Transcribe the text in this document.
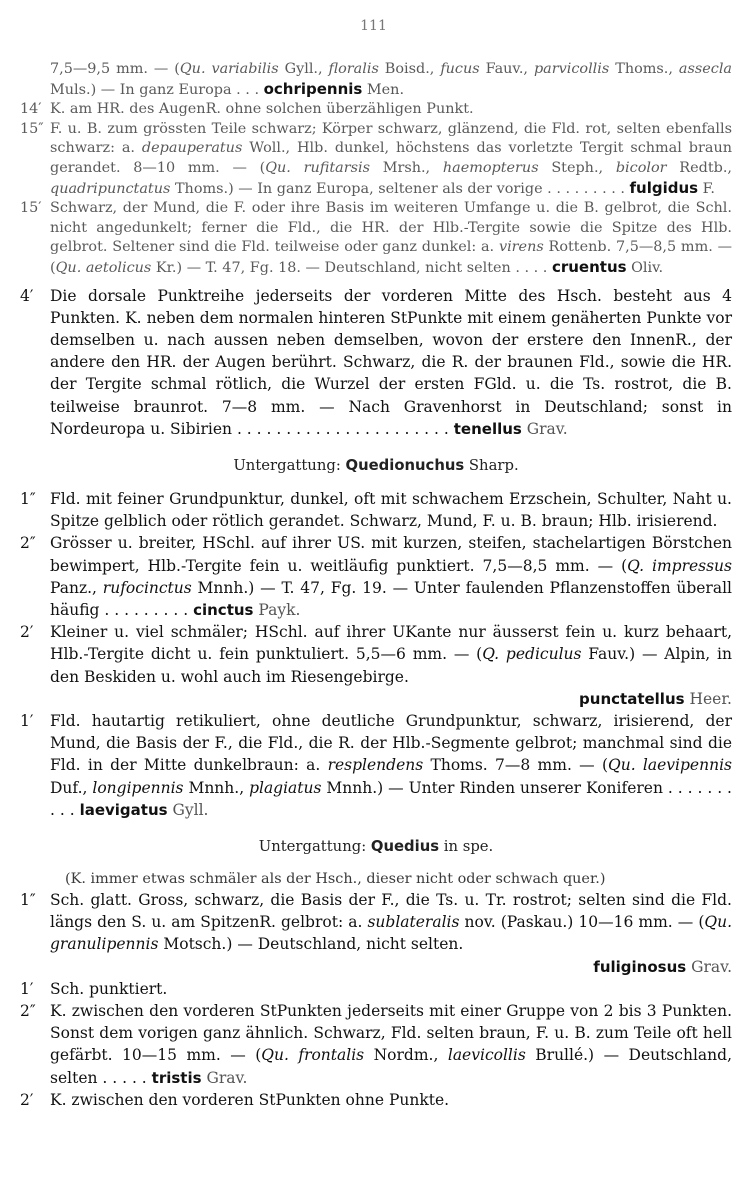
111
7,5—9,5 mm. — (Qu. variabilis Gyll., floralis Boisd., fucus Fauv., parvicollis Thoms., assecla Muls.) — In ganz Europa . . . ochripennis Men.
14′ K. am HR. des AugenR. ohne solchen überzähligen Punkt.
15″ F. u. B. zum grössten Teile schwarz; Körper schwarz, glänzend, die Fld. rot, selten ebenfalls schwarz: a. depauperatus Woll., Hlb. dunkel, höchstens das vorletzte Tergit schmal braun gerandet. 8—10 mm. — (Qu. rufitarsis Mrsh., haemopterus Steph., bicolor Redtb., quadripunctatus Thoms.) — In ganz Europa, seltener als der vorige . . . . . . . . . fulgidus F.
15′ Schwarz, der Mund, die F. oder ihre Basis im weiteren Umfange u. die B. gelbrot, die Schl. nicht angedunkelt; ferner die Fld., die HR. der Hlb.-Tergite sowie die Spitze des Hlb. gelbrot. Seltener sind die Fld. teilweise oder ganz dunkel: a. virens Rottenb. 7,5—8,5 mm. — (Qu. aetolicus Kr.) — T. 47, Fg. 18. — Deutschland, nicht selten . . . . cruentus Oliv.
4′	Die dorsale Punktreihe jederseits der vorderen Mitte des Hsch. besteht aus 4 Punkten. K. neben dem normalen hinteren StPunkte mit einem genäherten Punkte vor demselben u. nach aussen neben demselben, wovon der erstere den InnenR., der andere den HR. der Augen berührt. Schwarz, die R. der braunen Fld., sowie die HR. der Tergite schmal rötlich, die Wurzel der ersten FGld. u. die Ts. rostrot, die B. teilweise braunrot. 7—8 mm. — Nach Gravenhorst in Deutschland; sonst in Nordeuropa u. Sibirien . . . . . . . . . . . . . . . . . . . . . . tenellus Grav.
Untergattung: Quedionuchus Sharp.
1″ Fld. mit feiner Grundpunktur, dunkel, oft mit schwachem Erzschein, Schulter, Naht u. Spitze gelblich oder rötlich gerandet. Schwarz, Mund, F. u. B. braun; Hlb. irisierend.
2″ Grösser u. breiter, HSchl. auf ihrer US. mit kurzen, steifen, stachelartigen Börstchen bewimpert, Hlb.-Tergite fein u. weitläufig punktiert. 7,5—8,5 mm. — (Q. impressus Panz., rufocinctus Mnnh.) — T. 47, Fg. 19. — Unter faulenden Pflanzenstoffen überall häufig . . . . . . . . . cinctus Payk.
2′	Kleiner u. viel schmäler; HSchl. auf ihrer UKante nur äusserst fein u. kurz behaart, Hlb.-Tergite dicht u. fein punktuliert. 5,5—6 mm. — (Q. pediculus Fauv.) — Alpin, in den Beskiden u. wohl auch im Riesengebirge.
punctatellus Heer.
1′	Fld. hautartig retikuliert, ohne deutliche Grundpunktur, schwarz, irisierend, der Mund, die Basis der F., die Fld., die R. der Hlb.-Segmente gelbrot; manchmal sind die Fld. in der Mitte dunkelbraun: a. resplendens Thoms. 7—8 mm. — (Qu. laevipennis Duf., longipennis Mnnh., plagiatus Mnnh.) — Unter Rinden unserer Koniferen . . . . . . . . . . laevigatus Gyll.
Untergattung: Quedius in spe.
(K. immer etwas schmäler als der Hsch., dieser nicht oder schwach quer.)
1″ Sch. glatt. Gross, schwarz, die Basis der F., die Ts. u. Tr. rostrot; selten sind die Fld. längs den S. u. am SpitzenR. gelbrot: a. sublateralis nov. (Paskau.) 10—16 mm. — (Qu. granulipennis Motsch.) — Deutschland, nicht selten.
fuliginosus Grav.
1′	Sch. punktiert.
2″ K. zwischen den vorderen StPunkten jederseits mit einer Gruppe von 2 bis 3 Punkten. Sonst dem vorigen ganz ähnlich. Schwarz, Fld. selten braun, F. u. B. zum Teile oft hell gefärbt. 10—15 mm. — (Qu. frontalis Nordm., laevicollis Brullé.) — Deutschland, selten . . . . . tristis Grav.
2′	K. zwischen den vorderen StPunkten ohne Punkte.
